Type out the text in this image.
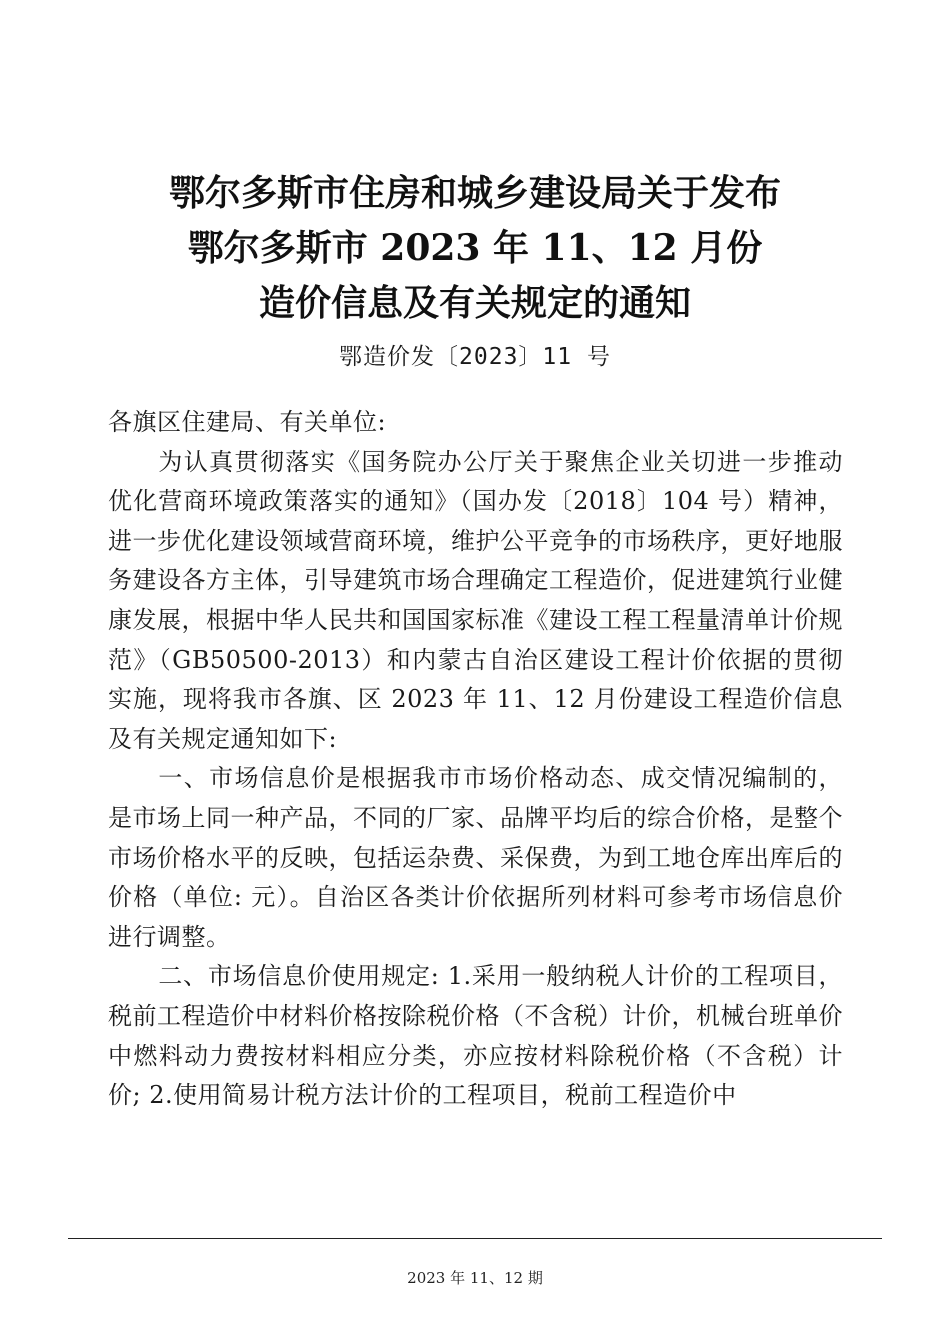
鄂尔多斯市住房和城乡建设局关于发布
鄂尔多斯市 2023 年 11、12 月份
造价信息及有关规定的通知
鄂造价发〔2023〕11 号

各旗区住建局、有关单位:

为认真贯彻落实《国务院办公厅关于聚焦企业关切进一步推动优化营商环境政策落实的通知》（国办发〔2018〕104 号）精神，进一步优化建设领域营商环境，维护公平竞争的市场秩序，更好地服务建设各方主体，引导建筑市场合理确定工程造价，促进建筑行业健康发展，根据中华人民共和国国家标准《建设工程工程量清单计价规范》（GB50500-2013）和内蒙古自治区建设工程计价依据的贯彻实施，现将我市各旗、区 2023 年 11、12 月份建设工程造价信息及有关规定通知如下:

一、市场信息价是根据我市市场价格动态、成交情况编制的，是市场上同一种产品，不同的厂家、品牌平均后的综合价格，是整个市场价格水平的反映，包括运杂费、采保费，为到工地仓库出库后的价格（单位: 元）。自治区各类计价依据所列材料可参考市场信息价进行调整。

二、市场信息价使用规定: 1.采用一般纳税人计价的工程项目，税前工程造价中材料价格按除税价格（不含税）计价，机械台班单价中燃料动力费按材料相应分类，亦应按材料除税价格（不含税）计价; 2.使用简易计税方法计价的工程项目，税前工程造价中

2023 年 11、12 期
